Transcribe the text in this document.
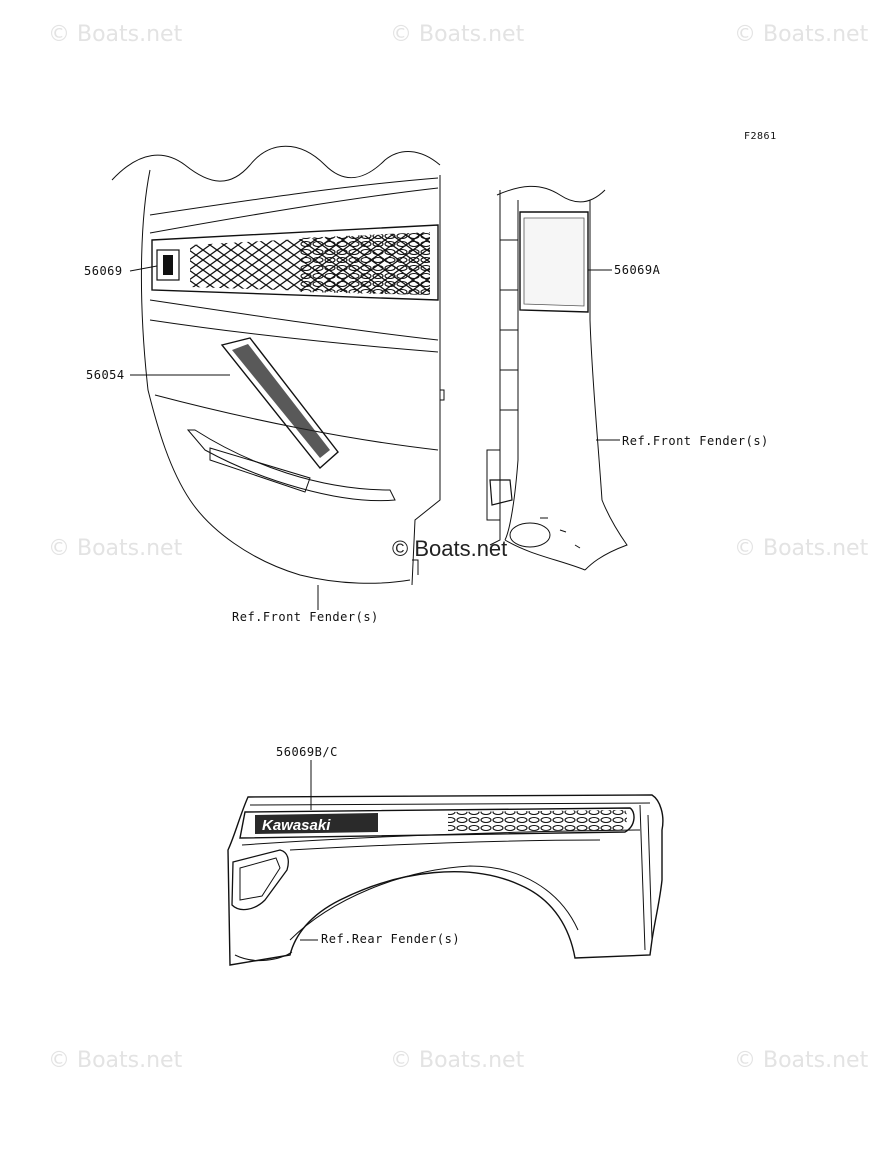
© Boats.net	© Boats.net	© Boats.net
© Boats.net	© Boats.net
© Boats.net	© Boats.net	© Boats.net
Kawasaki
© Boats.net
F2861
56069
56054
56069A
Ref.Front Fender(s)
Ref.Front Fender(s)
56069B/C
Ref.Rear Fender(s)
